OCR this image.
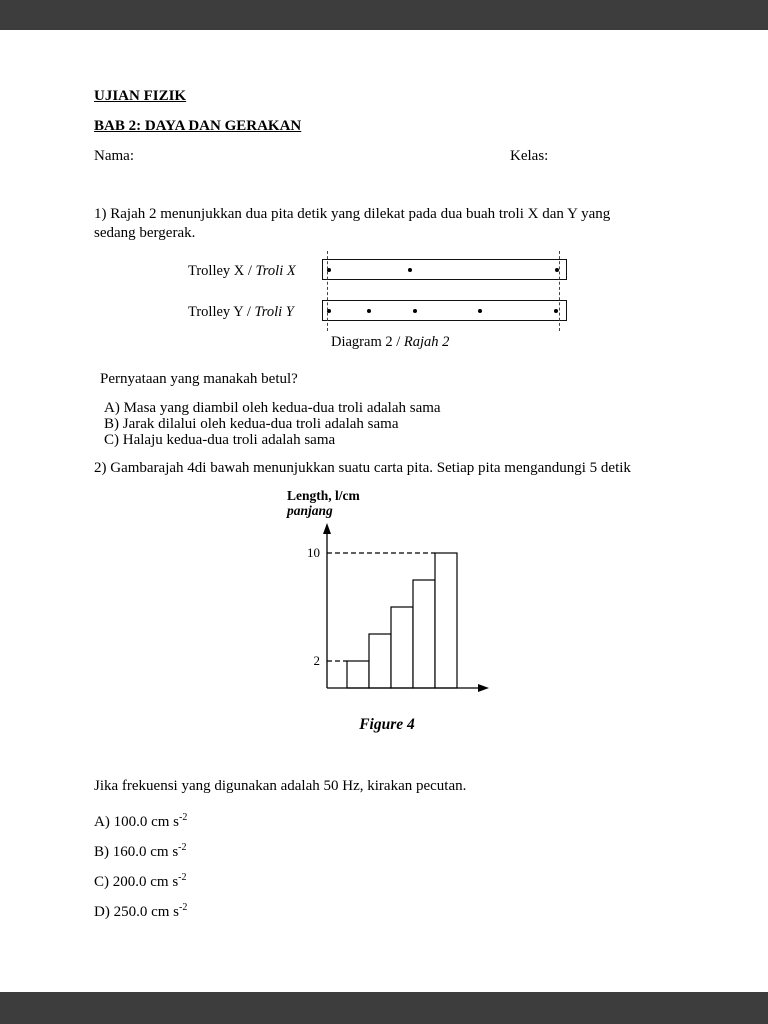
UJIAN FIZIK
BAB 2: DAYA DAN GERAKAN
Nama:	Kelas:
1) Rajah 2 menunjukkan dua pita detik yang dilekat pada dua buah troli X dan Y yang sedang bergerak.
Trolley X / Troli X
Trolley Y / Troli Y
Diagram 2 / Rajah 2
Pernyataan yang manakah betul?
A) Masa yang diambil oleh kedua-dua troli adalah sama
B) Jarak dilalui oleh kedua-dua troli adalah sama
C) Halaju kedua-dua troli adalah sama
2) Gambarajah 4di bawah menunjukkan suatu carta pita. Setiap pita mengandungi 5 detik
Length, l/cm
panjang
2
10
Figure 4
Jika frekuensi yang digunakan adalah 50 Hz, kirakan pecutan.
A) 100.0 cm $s^{-2}$
B) 160.0 cm $s^{-2}$
C) 200.0 cm $s^{-2}$
D) 250.0 cm $s^{-2}$
